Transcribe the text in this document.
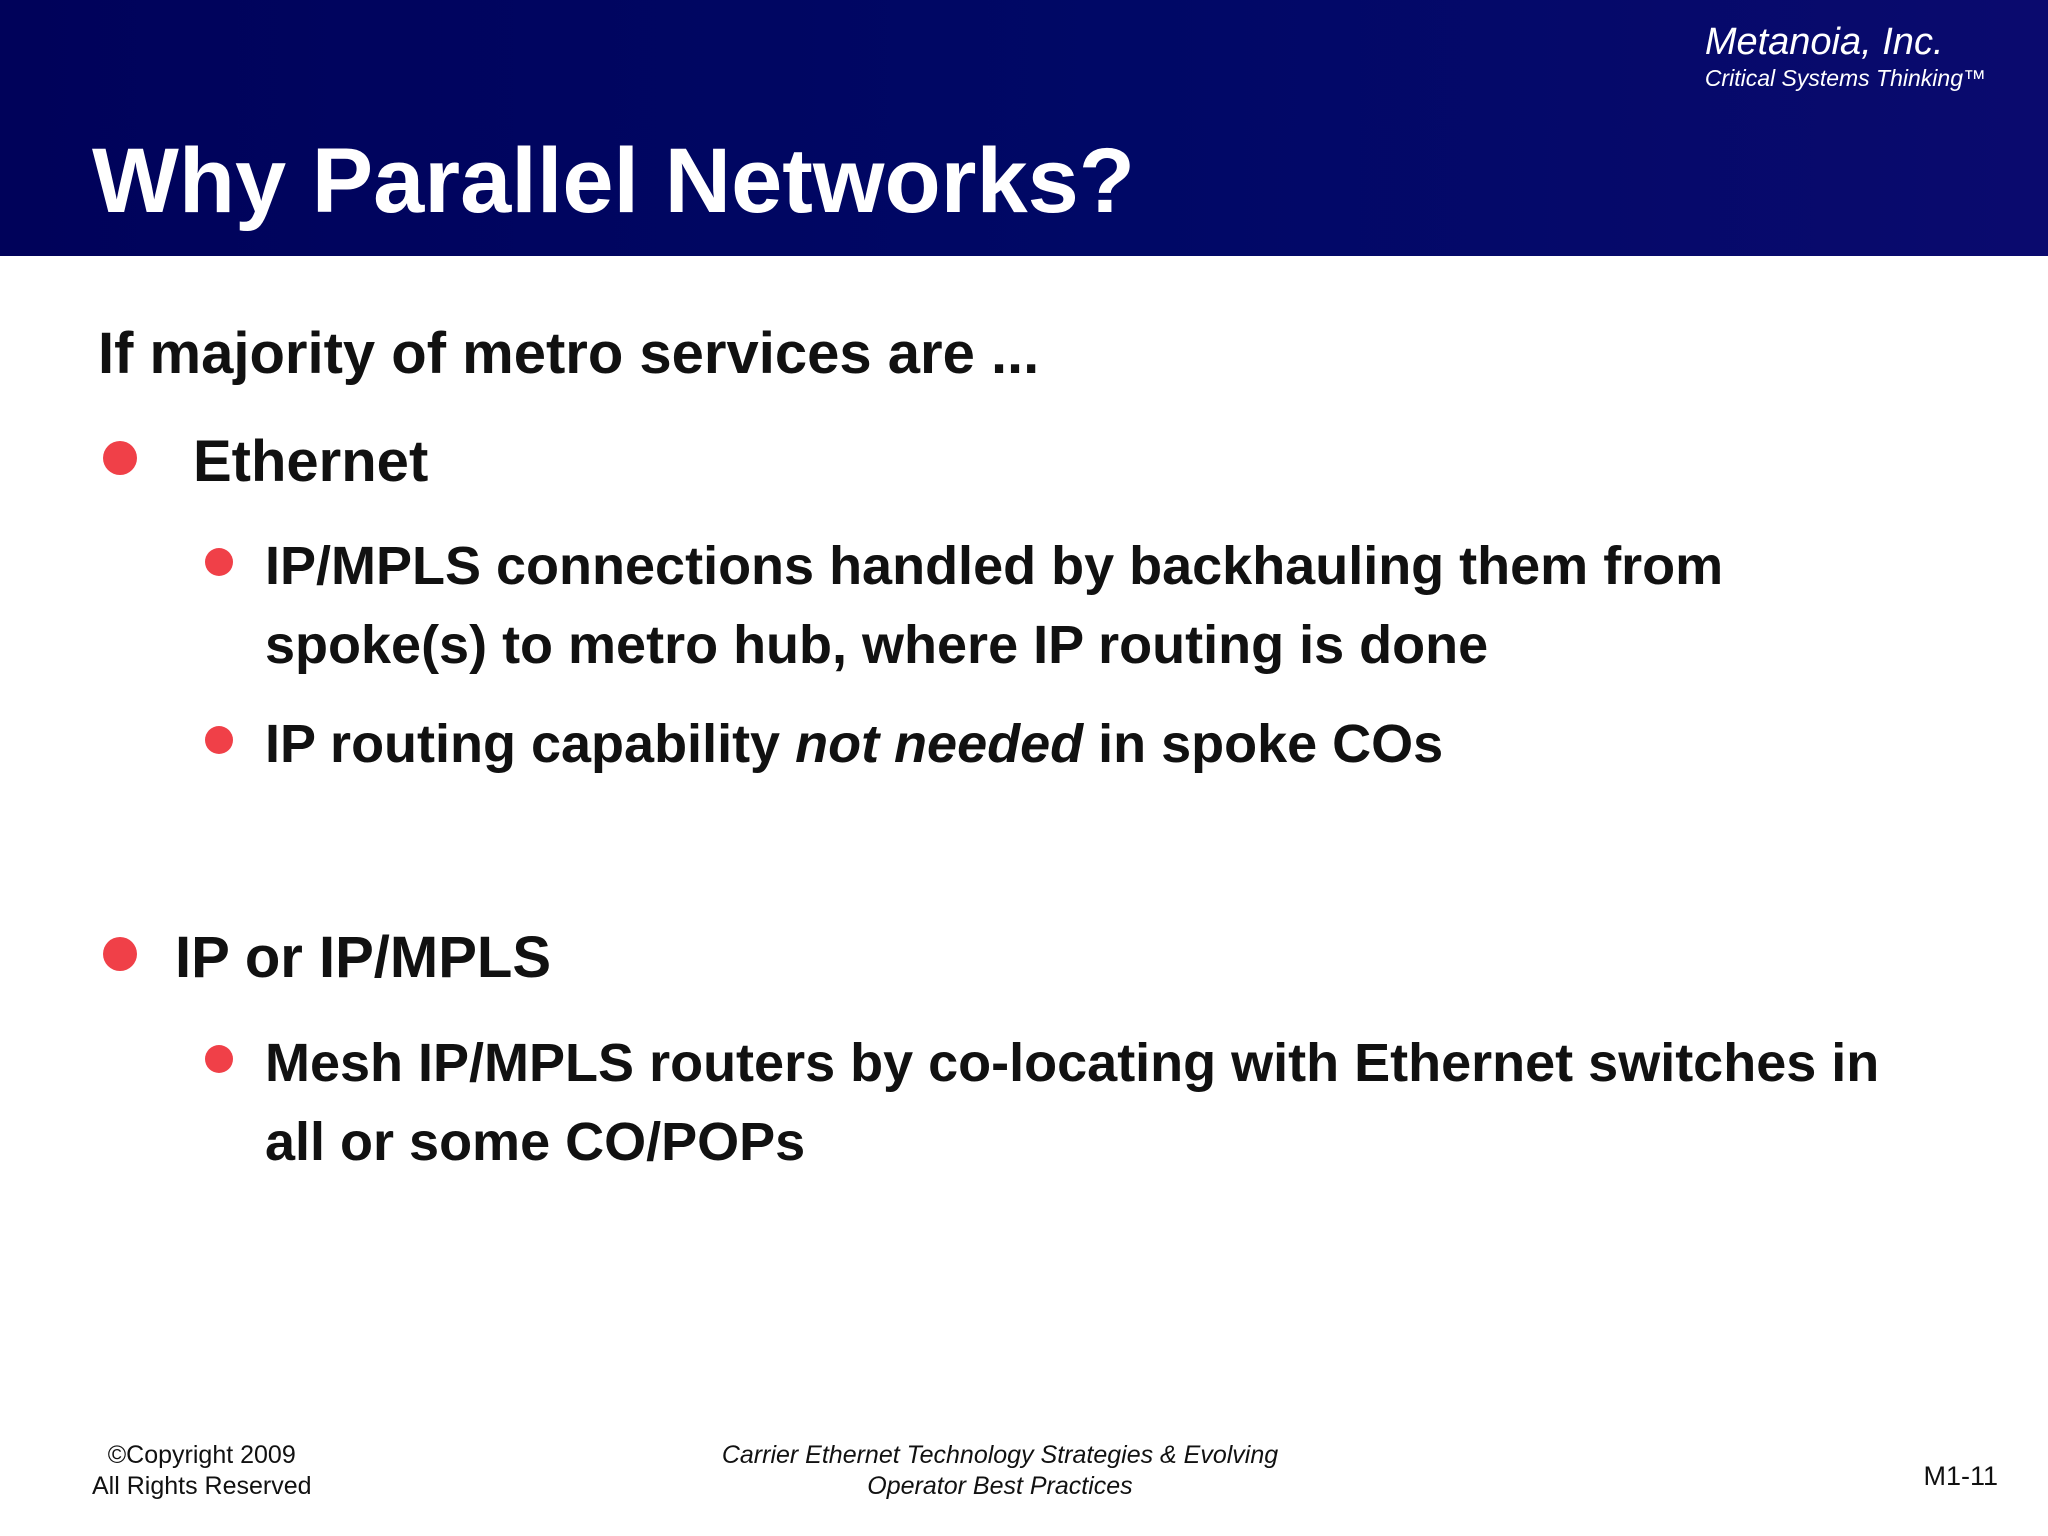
Metanoia, Inc.
Critical Systems Thinking™
Why Parallel Networks?
If majority of metro services are ...
Ethernet
IP/MPLS connections handled by backhauling them from
spoke(s) to metro hub, where IP routing is done
IP routing capability not needed in spoke COs
IP or IP/MPLS
Mesh IP/MPLS routers by co-locating with Ethernet switches in
all or some CO/POPs
©Copyright 2009
All Rights Reserved
Carrier Ethernet Technology Strategies & Evolving
Operator Best Practices	M1-11
